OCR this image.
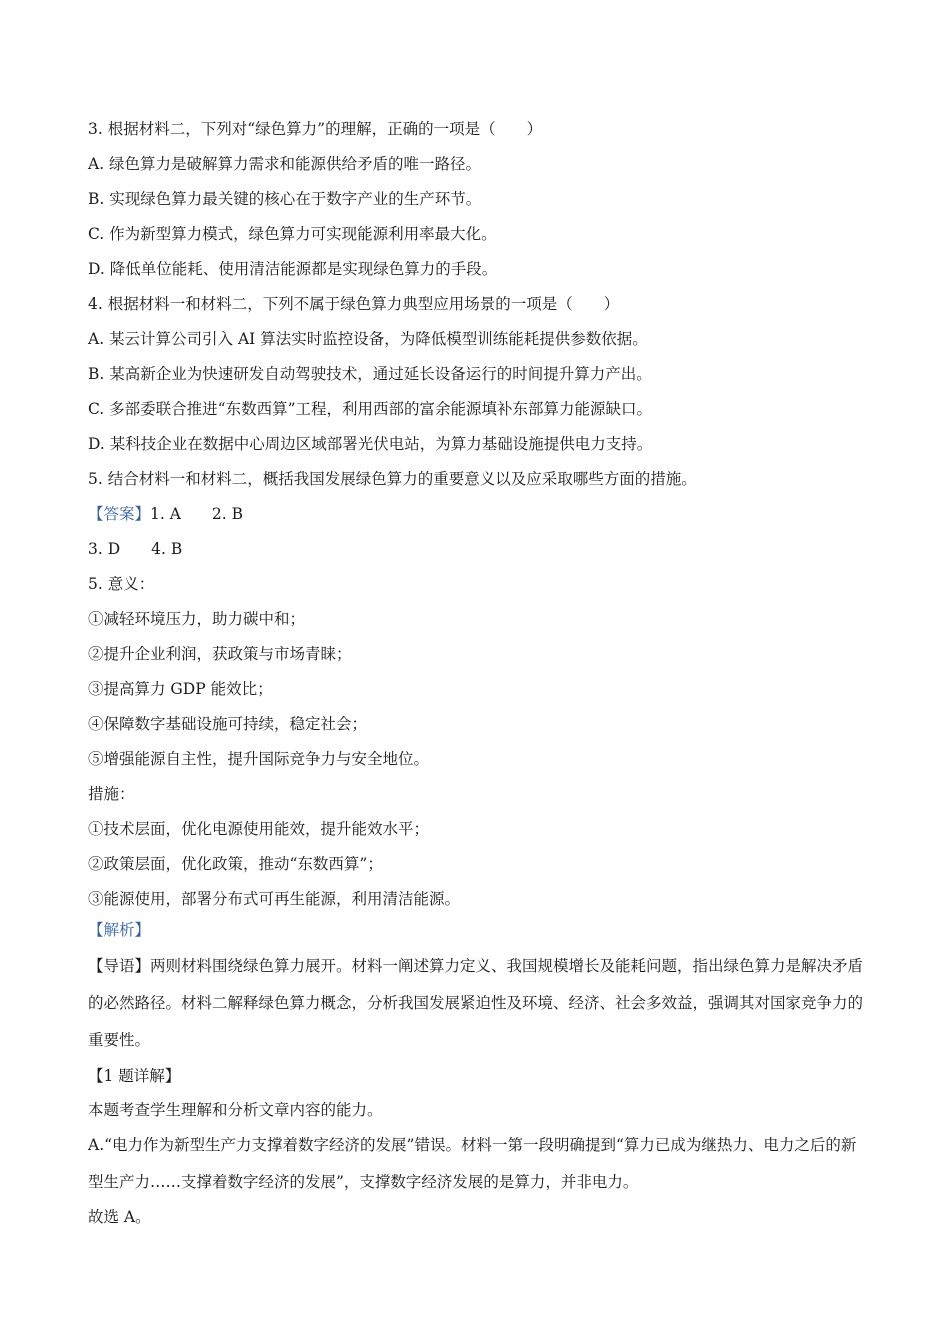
3. 根据材料二，下列对“绿色算力”的理解，正确的一项是（　　）
A. 绿色算力是破解算力需求和能源供给矛盾的唯一路径。
B. 实现绿色算力最关键的核心在于数字产业的生产环节。
C. 作为新型算力模式，绿色算力可实现能源利用率最大化。
D. 降低单位能耗、使用清洁能源都是实现绿色算力的手段。
4. 根据材料一和材料二，下列不属于绿色算力典型应用场景的一项是（　　）
A. 某云计算公司引入 AI 算法实时监控设备，为降低模型训练能耗提供参数依据。
B. 某高新企业为快速研发自动驾驶技术，通过延长设备运行的时间提升算力产出。
C. 多部委联合推进“东数西算”工程，利用西部的富余能源填补东部算力能源缺口。
D. 某科技企业在数据中心周边区域部署光伏电站，为算力基础设施提供电力支持。
5. 结合材料一和材料二，概括我国发展绿色算力的重要意义以及应采取哪些方面的措施。
【答案】1. A　　2. B
3. D　　4. B
5. 意义：
①减轻环境压力，助力碳中和；
②提升企业利润，获政策与市场青睐；
③提高算力 GDP 能效比；
④保障数字基础设施可持续，稳定社会；
⑤增强能源自主性，提升国际竞争力与安全地位。
措施：
①技术层面，优化电源使用能效，提升能效水平；
②政策层面，优化政策，推动“东数西算”；
③能源使用，部署分布式可再生能源，利用清洁能源。
【解析】
【导语】两则材料围绕绿色算力展开。材料一阐述算力定义、我国规模增长及能耗问题，指出绿色算力是解决矛盾的必然路径。材料二解释绿色算力概念，分析我国发展紧迫性及环境、经济、社会多效益，强调其对国家竞争力的重要性。
【1 题详解】
本题考查学生理解和分析文章内容的能力。
A.“电力作为新型生产力支撑着数字经济的发展”错误。材料一第一段明确提到“算力已成为继热力、电力之后的新型生产力……支撑着数字经济的发展”，支撑数字经济发展的是算力，并非电力。
故选 A。
